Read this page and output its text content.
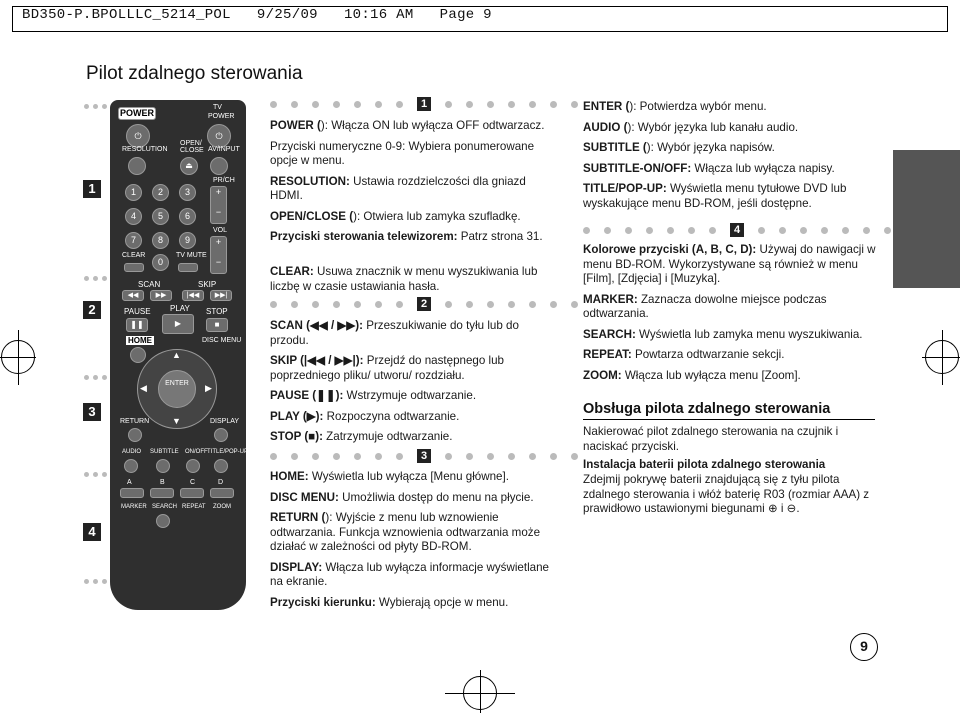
BD350-P.BPOLLLC_5214_POL   9/25/09   10:16 AM   Page 9
Pilot zdalnego sterowania
1
2
3
4
POWER
TV
POWER
⏻	⏻
RESOLUTION
OPEN/
CLOSE AV/INPUT
⏏
PR/CH
+

−
VOL
+

−
1	2	3
4	5	6
7	8	9
CLEAR	TV MUTE
0
SCAN	SKIP
◀◀	▶▶	|◀◀	▶▶|
PAUSE PLAY STOP
❚❚	▶	■
HOME	DISC MENU
ENTER
▲
▼
◀	▶
RETURN	DISPLAY
AUDIO SUBTITLE ON/OFF TITLE/POP-UP
A	B	C	D
MARKER SEARCH REPEAT ZOOM
1
POWER (): Włącza ON lub wyłącza OFF odtwarzacz.
Przyciski numeryczne 0-9: Wybiera ponumerowane opcje w menu.
RESOLUTION: Ustawia rozdzielczości dla gniazd HDMI.
OPEN/CLOSE (): Otwiera lub zamyka szufladkę.
Przyciski sterowania telewizorem: Patrz strona 31.
CLEAR: Usuwa znacznik w menu wyszukiwania lub liczbę w czasie ustawiania hasła.
2
SCAN (◀◀ / ▶▶): Przeszukiwanie do tyłu lub do przodu.
SKIP (|◀◀ / ▶▶|): Przejdź do następnego lub poprzedniego pliku/ utworu/ rozdziału.
PAUSE (❚❚): Wstrzymuje odtwarzanie.
PLAY (▶): Rozpoczyna odtwarzanie.
STOP (■): Zatrzymuje odtwarzanie.
3
HOME: Wyświetla lub wyłącza [Menu główne].
DISC MENU: Umożliwia dostęp do menu na płycie.
RETURN (): Wyjście z menu lub wznowienie odtwarzania. Funkcja wznowienia odtwarzania może działać w zależności od płyty BD-ROM.
DISPLAY: Włącza lub wyłącza informacje wyświetlane na ekranie.
Przyciski kierunku: Wybierają opcje w menu.
ENTER (): Potwierdza wybór menu.
AUDIO (): Wybór języka lub kanału audio.
SUBTITLE (): Wybór języka napisów.
SUBTITLE-ON/OFF: Włącza lub wyłącza napisy.
TITLE/POP-UP: Wyświetla menu tytułowe DVD lub wyskakujące menu BD-ROM, jeśli dostępne.
4
Kolorowe przyciski (A, B, C, D): Używaj do nawigacji w menu BD-ROM. Wykorzystywane są również w menu [Film], [Zdjęcia] i [Muzyka].
MARKER: Zaznacza dowolne miejsce podczas odtwarzania.
SEARCH: Wyświetla lub zamyka menu wyszukiwania.
REPEAT: Powtarza odtwarzanie sekcji.
ZOOM: Włącza lub wyłącza menu [Zoom].
Obsługa pilota zdalnego sterowania
Nakierować pilot zdalnego sterowania na czujnik i naciskać przyciski.
Instalacja baterii pilota zdalnego sterowania
Zdejmij pokrywę baterii znajdującą się z tyłu pilota zdalnego sterowania i włóż baterię R03 (rozmiar AAA) z prawidłowo ustawionymi biegunami ⊕ i ⊖.
9
